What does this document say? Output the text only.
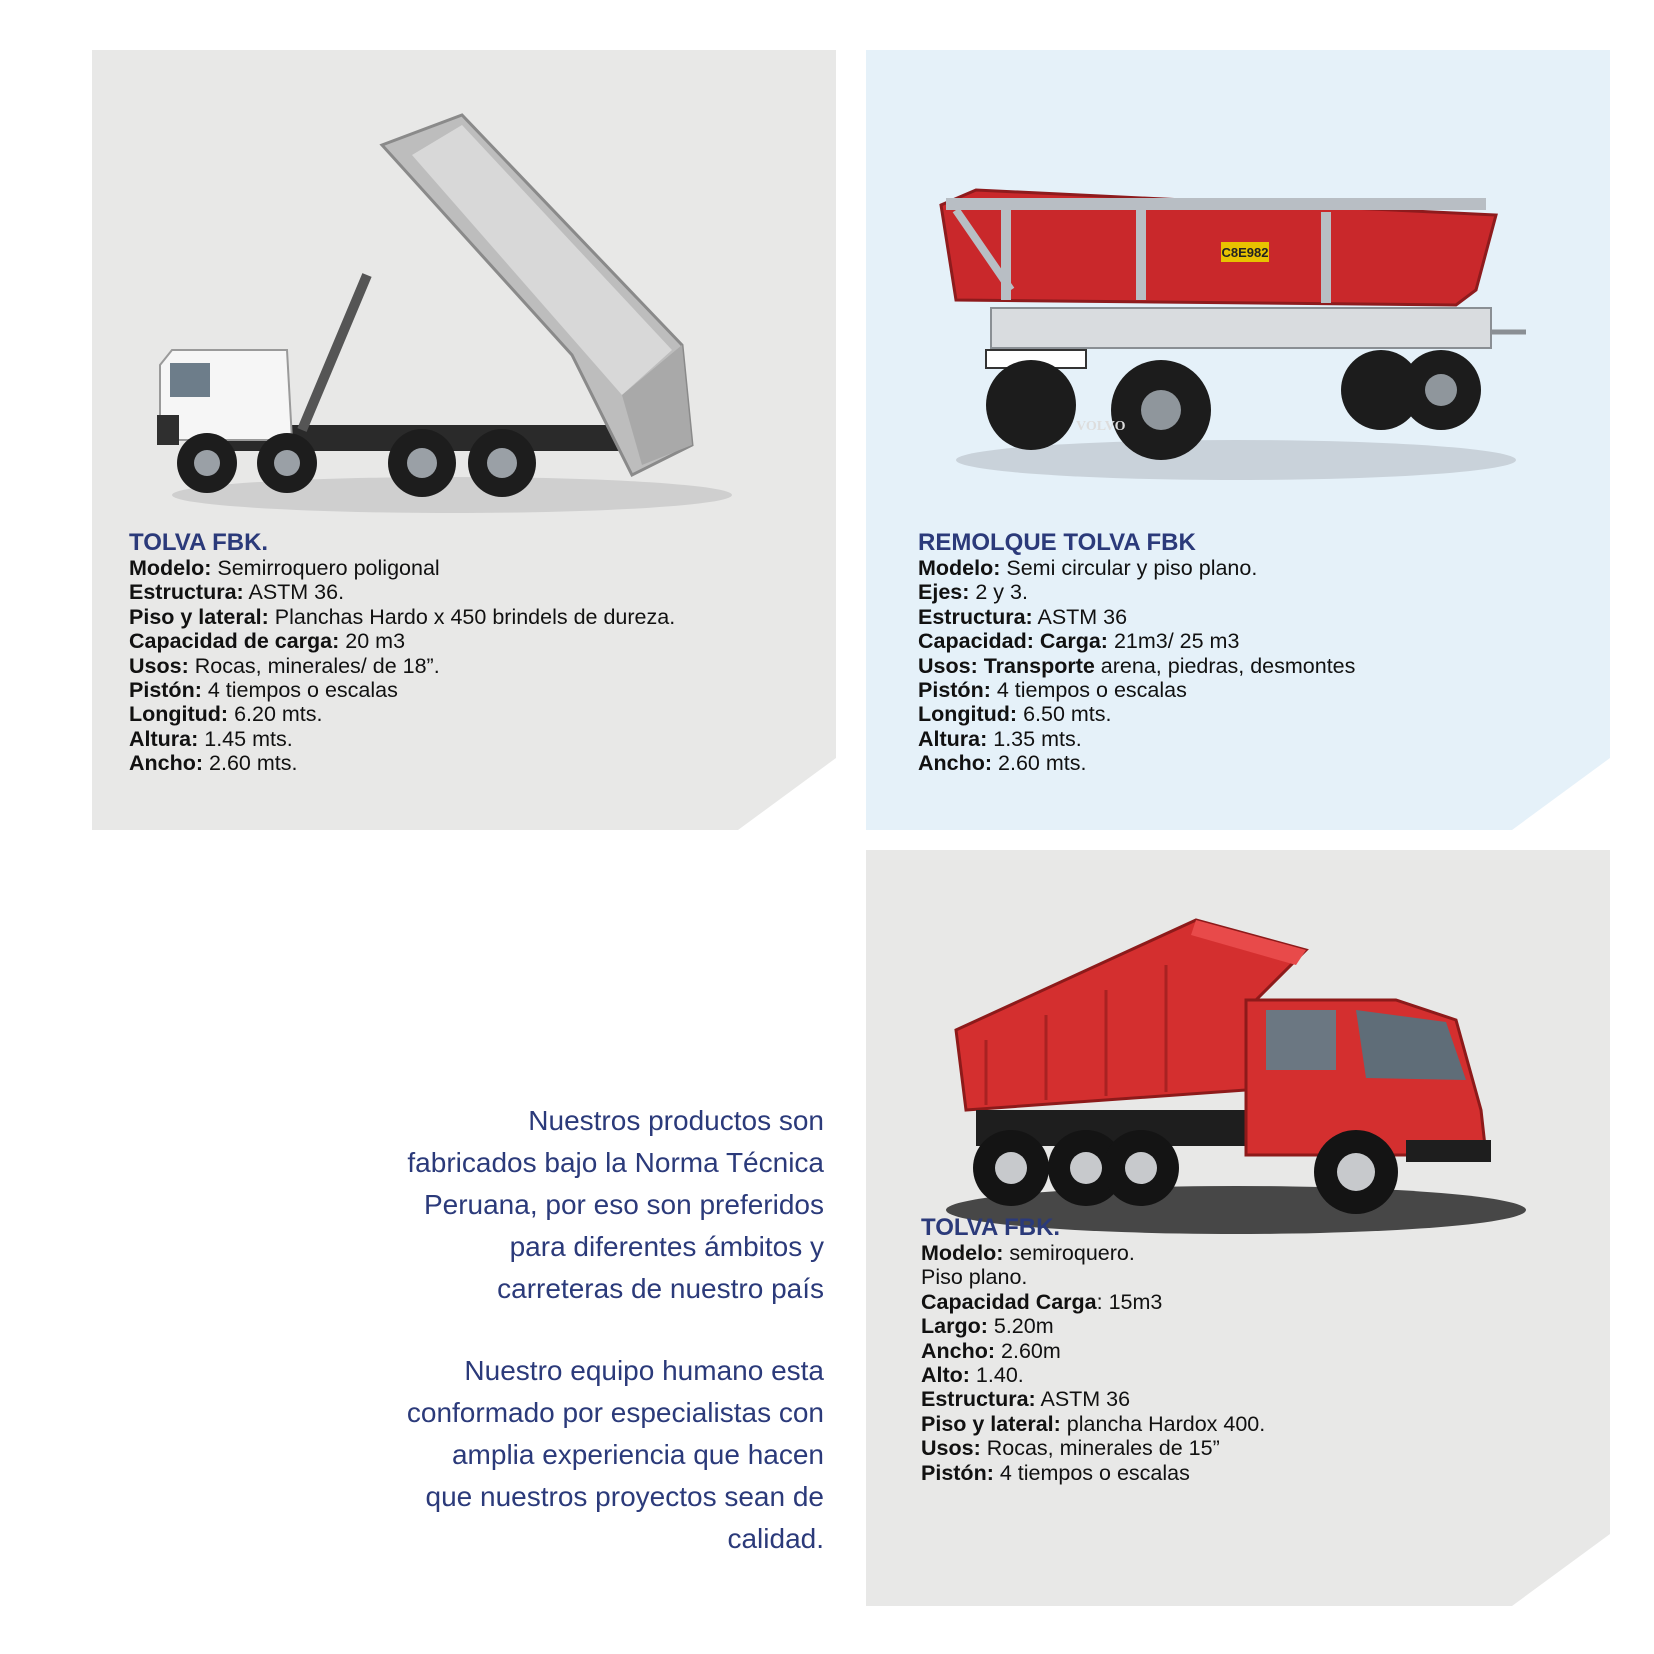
TOLVA FBK.
Modelo: Semirroquero poligonal
Estructura: ASTM 36.
Piso y lateral: Planchas Hardo x 450 brindels de dureza.
Capacidad de carga: 20 m3
Usos: Rocas, minerales/ de 18”.
Pistón: 4 tiempos o escalas
Longitud: 6.20 mts.
Altura: 1.45 mts.
Ancho: 2.60 mts.
C8E982
VOLVO
REMOLQUE TOLVA FBK
Modelo: Semi circular y piso plano.
Ejes: 2 y 3.
Estructura: ASTM 36
Capacidad: Carga: 21m3/ 25 m3
Usos: Transporte arena, piedras, desmontes
Pistón: 4 tiempos o escalas
Longitud: 6.50 mts.
Altura: 1.35 mts.
Ancho: 2.60 mts.
TOLVA FBK.
Modelo: semiroquero.
Piso plano.
Capacidad Carga: 15m3
Largo: 5.20m
Ancho: 2.60m
Alto: 1.40.
Estructura: ASTM 36
Piso y lateral: plancha Hardox 400.
Usos: Rocas, minerales de 15”
Pistón: 4 tiempos o escalas

Nuestros productos son
fabricados bajo la Norma Técnica
Peruana, por eso son preferidos
para diferentes ámbitos y
carreteras de nuestro país

Nuestro equipo humano esta
conformado por especialistas con
amplia experiencia que hacen
que nuestros proyectos sean de
calidad.
